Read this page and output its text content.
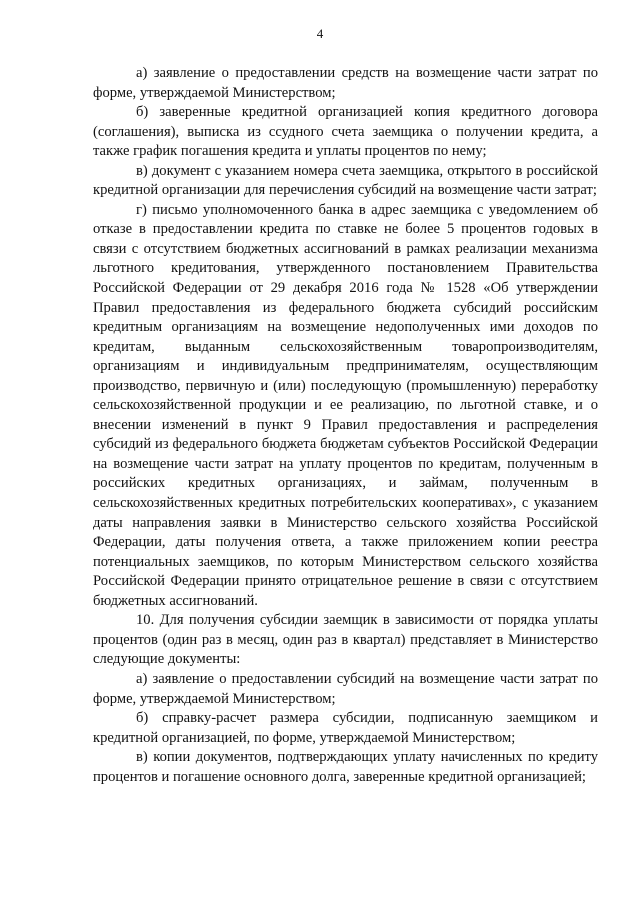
4

а) заявление о предоставлении средств на возмещение части затрат по форме, утверждаемой Министерством;

б) заверенные кредитной организацией копия кредитного договора (соглашения), выписка из ссудного счета заемщика о получении кредита, а также график погашения кредита и уплаты процентов по нему;

в) документ с указанием номера счета заемщика, открытого в российской кредитной организации для перечисления субсидий на возмещение части затрат;

г) письмо уполномоченного банка в адрес заемщика с уведомлением об отказе в предоставлении кредита по ставке не более 5 процентов годовых в связи с отсутствием бюджетных ассигнований в рамках реализации механизма льготного кредитования, утвержденного постановлением Правительства Российской Федерации от 29 декабря 2016 года № 1528 «Об утверждении Правил предоставления из федерального бюджета субсидий российским кредитным организациям на возмещение недополученных ими доходов по кредитам, выданным сельскохозяйственным товаропроизводителям, организациям и индивидуальным предпринимателям, осуществляющим производство, первичную и (или) последующую (промышленную) переработку сельскохозяйственной продукции и ее реализацию, по льготной ставке, и о внесении изменений в пункт 9 Правил предоставления и распределения субсидий из федерального бюджета бюджетам субъектов Российской Федерации на возмещение части затрат на уплату процентов по кредитам, полученным в российских кредитных организациях, и займам, полученным в сельскохозяйственных кредитных потребительских кооперативах», с указанием даты направления заявки в Министерство сельского хозяйства Российской Федерации, даты получения ответа, а также приложением копии реестра потенциальных заемщиков, по которым Министерством сельского хозяйства Российской Федерации принято отрицательное решение в связи с отсутствием бюджетных ассигнований.

10. Для получения субсидии заемщик в зависимости от порядка уплаты процентов (один раз в месяц, один раз в квартал) представляет в Министерство следующие документы:

а) заявление о предоставлении субсидий на возмещение части затрат по форме, утверждаемой Министерством;

б) справку-расчет размера субсидии, подписанную заемщиком и кредитной организацией, по форме, утверждаемой Министерством;

в) копии документов, подтверждающих уплату начисленных по кредиту процентов и погашение основного долга, заверенные кредитной организацией;
